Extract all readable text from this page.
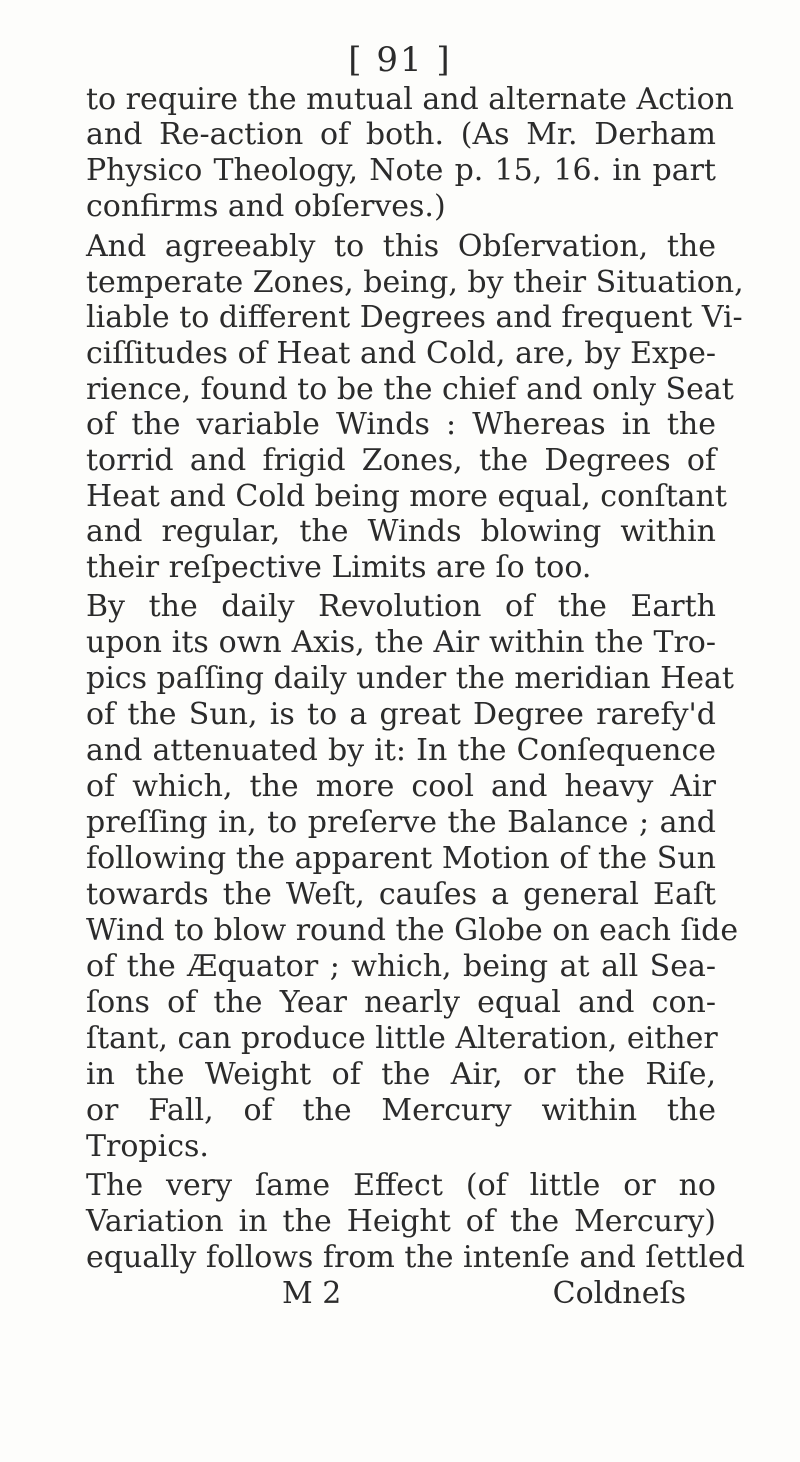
[ 91 ]
to require the mutual and alternate Action
and Re-action of both. (As Mr. Derham
Physico Theology, Note p. 15, 16. in part
confirms and obſerves.)
And agreeably to this Obſervation, the
temperate Zones, being, by their Situation,
liable to different Degrees and frequent Vi-
ciſſitudes of Heat and Cold, are, by Expe-
rience, found to be the chief and only Seat
of the variable Winds : Whereas in the
torrid and frigid Zones, the Degrees of
Heat and Cold being more equal, conſtant
and regular, the Winds blowing within
their reſpective Limits are ſo too.
By the daily Revolution of the Earth
upon its own Axis, the Air within the Tro-
pics paſſing daily under the meridian Heat
of the Sun, is to a great Degree rarefy'd
and attenuated by it: In the Conſequence
of which, the more cool and heavy Air
preſſing in, to preſerve the Balance ; and
following the apparent Motion of the Sun
towards the Weſt, cauſes a general Eaſt
Wind to blow round the Globe on each ſide
of the Æquator ; which, being at all Sea-
ſons of the Year nearly equal and con-
ſtant, can produce little Alteration, either
in the Weight of the Air, or the Riſe,
or Fall, of the Mercury within the
Tropics.
The very ſame Effect (of little or no
Variation in the Height of the Mercury)
equally follows from the intenſe and ſettled
M 2	Coldneſs
